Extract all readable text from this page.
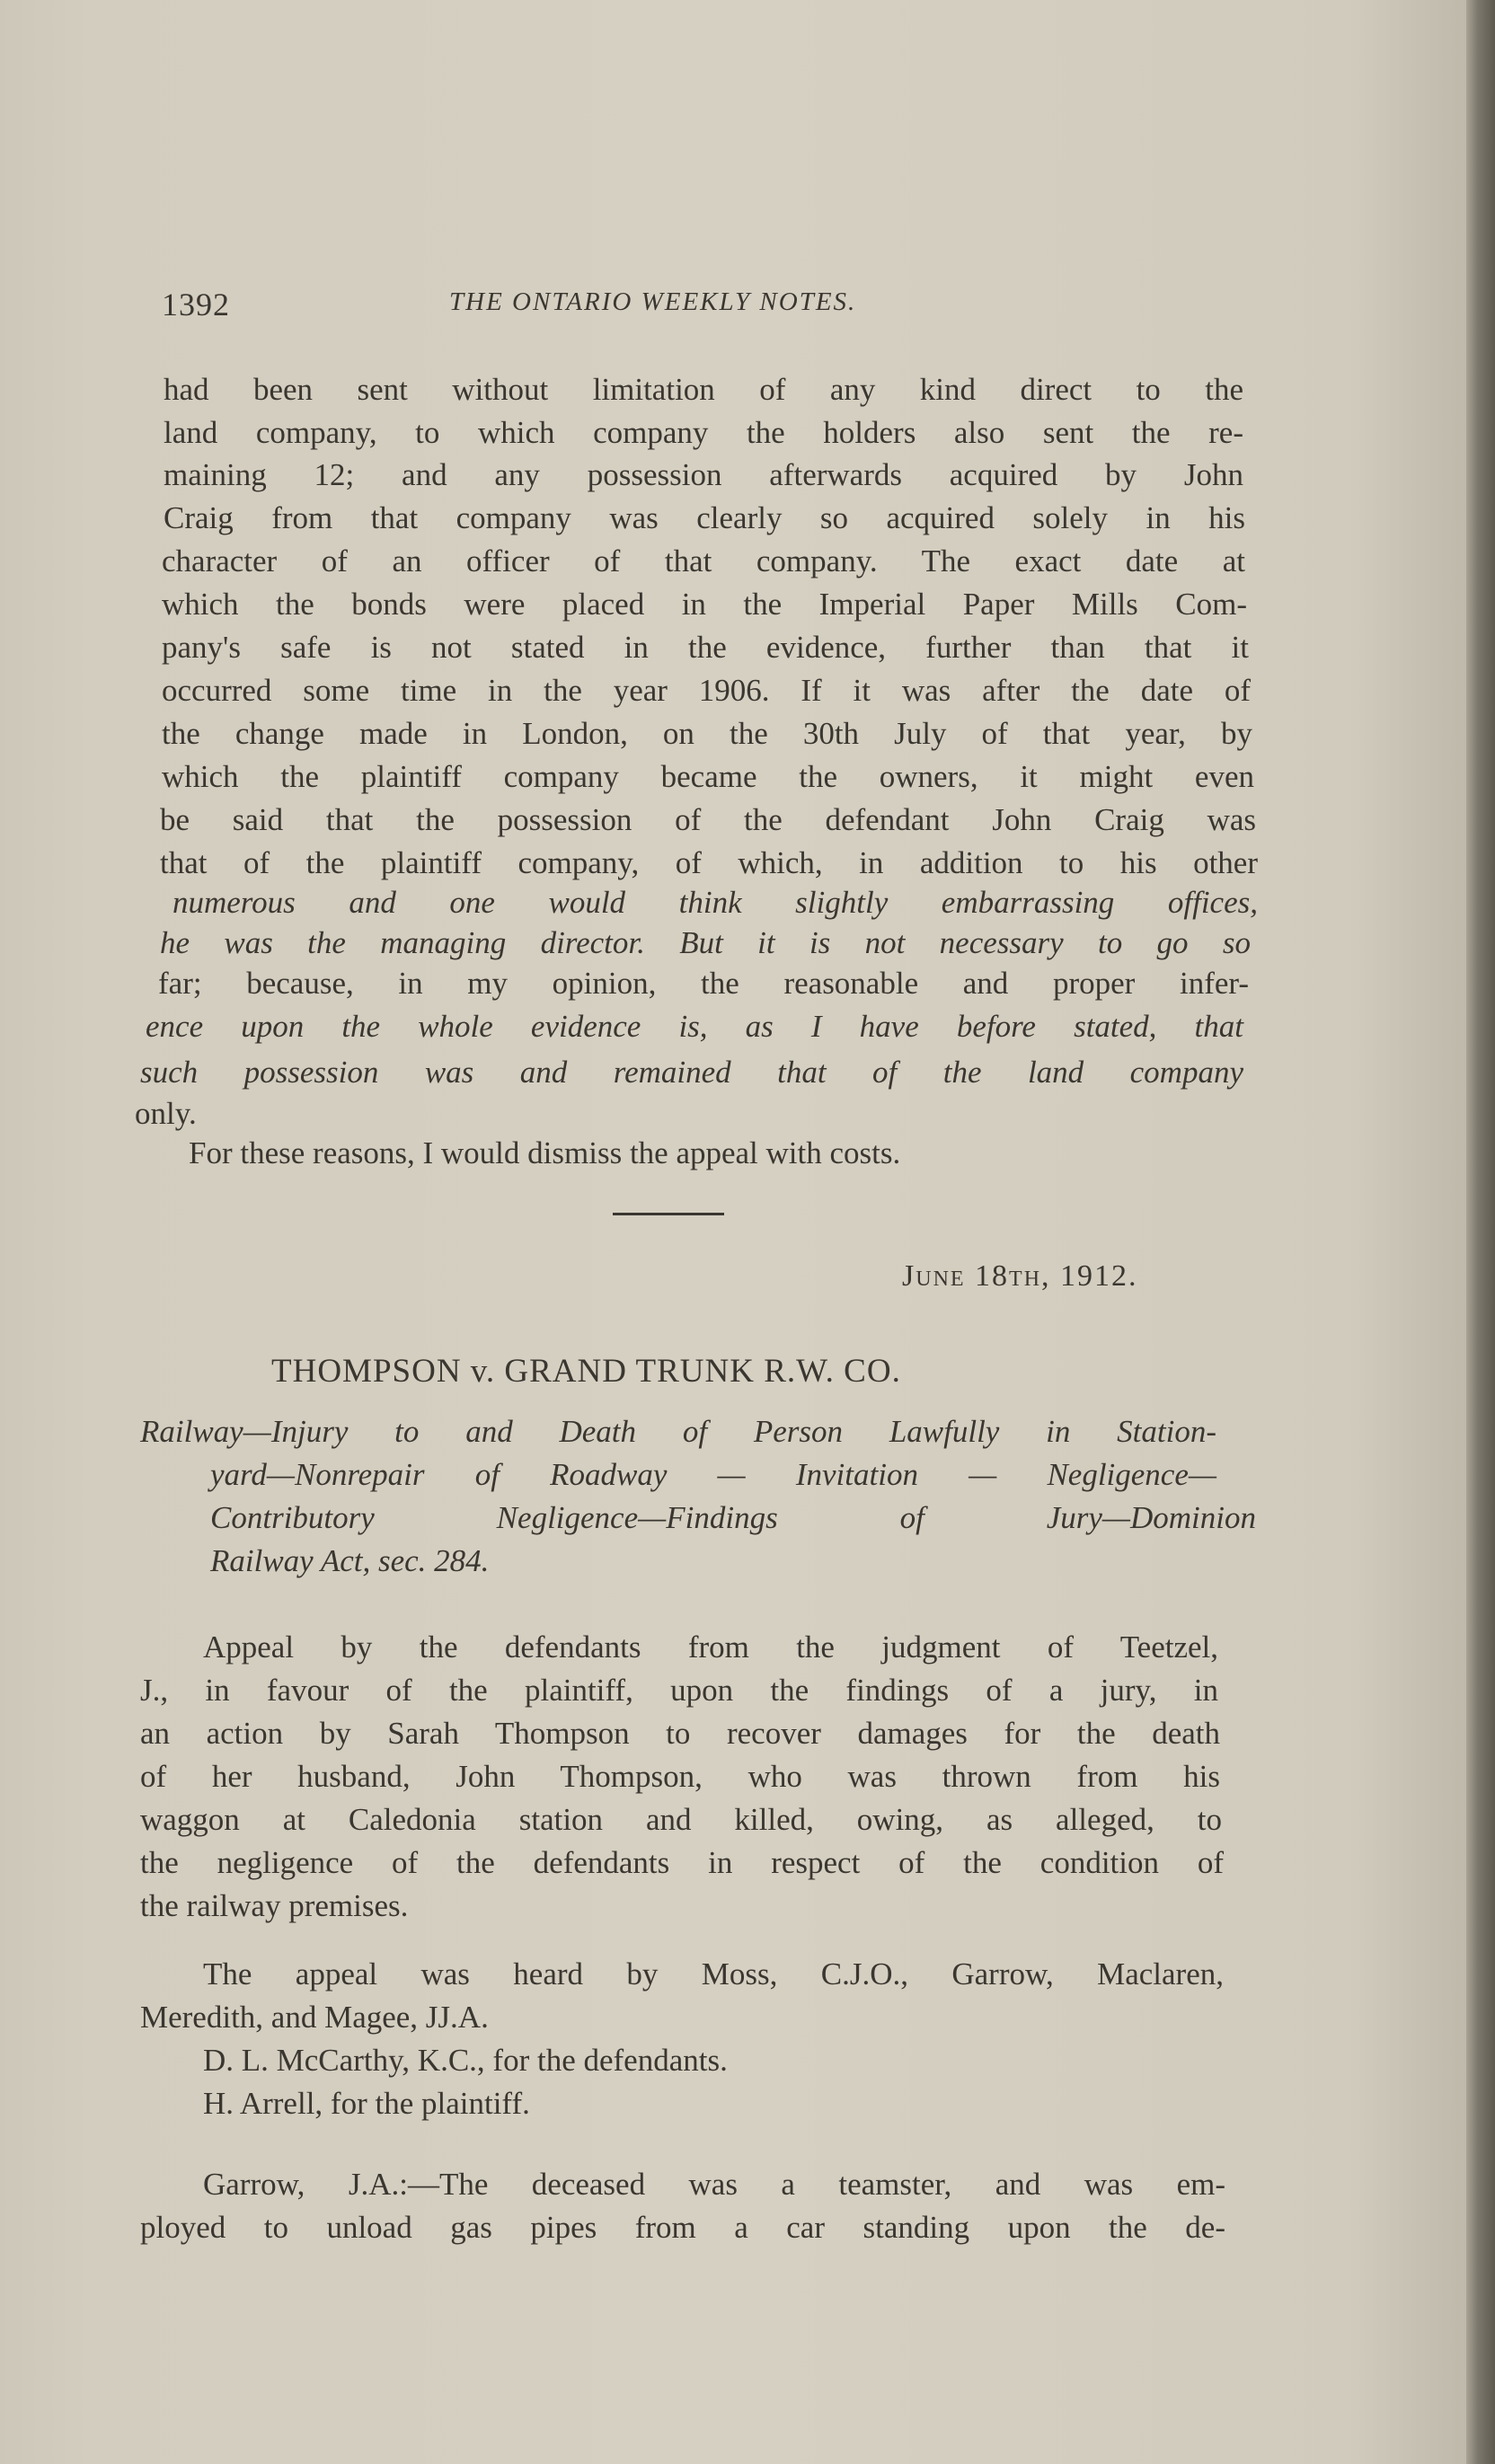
1392	THE ONTARIO WEEKLY NOTES.
had been sent without limitation of any kind direct to the
land company, to which company the holders also sent the re-
maining 12; and any possession afterwards acquired by John
Craig from that company was clearly so acquired solely in his
character of an officer of that company. The exact date at
which the bonds were placed in the Imperial Paper Mills Com-
pany's safe is not stated in the evidence, further than that it
occurred some time in the year 1906. If it was after the date of
the change made in London, on the 30th July of that year, by
which the plaintiff company became the owners, it might even
be said that the possession of the defendant John Craig was
that of the plaintiff company, of which, in addition to his other
numerous and one would think slightly embarrassing offices,
he was the managing director. But it is not necessary to go so
far; because, in my opinion, the reasonable and proper infer-
ence upon the whole evidence is, as I have before stated, that
such possession was and remained that of the land company
only.
For these reasons, I would dismiss the appeal with costs.
June 18th, 1912.
THOMPSON v. GRAND TRUNK R.W. CO.
Railway—Injury to and Death of Person Lawfully in Station-
yard—Nonrepair of Roadway — Invitation — Negligence—
Contributory Negligence—Findings of Jury—Dominion
Railway Act, sec. 284.
Appeal by the defendants from the judgment of Teetzel,
J., in favour of the plaintiff, upon the findings of a jury, in
an action by Sarah Thompson to recover damages for the death
of her husband, John Thompson, who was thrown from his
waggon at Caledonia station and killed, owing, as alleged, to
the negligence of the defendants in respect of the condition of
the railway premises.
The appeal was heard by Moss, C.J.O., Garrow, Maclaren,
Meredith, and Magee, JJ.A.
D. L. McCarthy, K.C., for the defendants.
H. Arrell, for the plaintiff.
Garrow, J.A.:—The deceased was a teamster, and was em-
ployed to unload gas pipes from a car standing upon the de-
